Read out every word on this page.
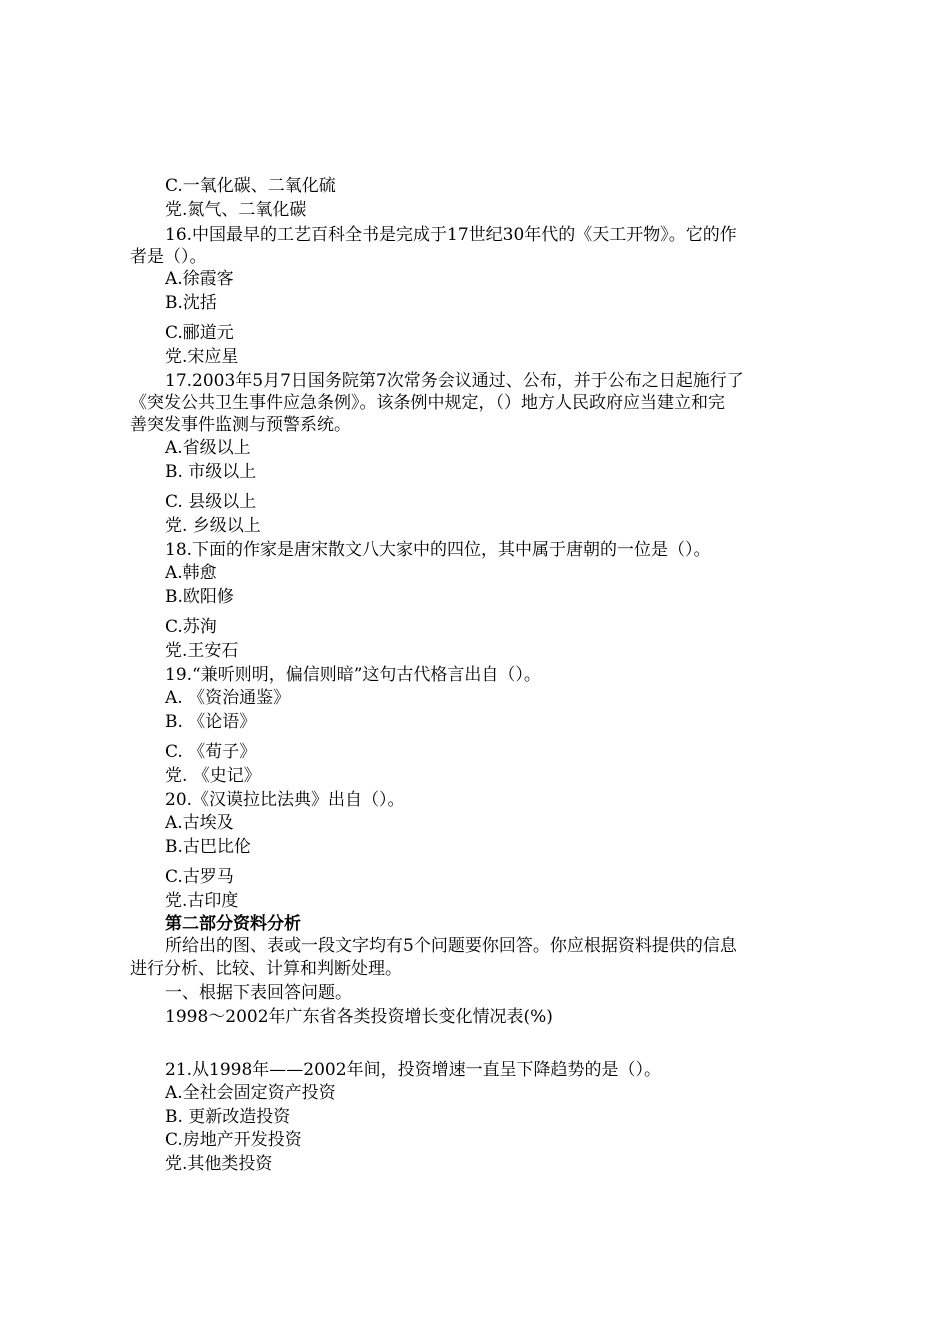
C.一氧化碳、二氧化硫
党.氮气、二氧化碳
16.中国最早的工艺百科全书是完成于17世纪30年代的《天工开物》。它的作
者是（）。
A.徐霞客
B.沈括
C.郦道元
党.宋应星
17.2003年5月7日国务院第7次常务会议通过、公布，并于公布之日起施行了
《突发公共卫生事件应急条例》。该条例中规定，（）地方人民政府应当建立和完
善突发事件监测与预警系统。
A.省级以上
B. 市级以上
C. 县级以上
党. 乡级以上
18.下面的作家是唐宋散文八大家中的四位，其中属于唐朝的一位是（）。
A.韩愈
B.欧阳修
C.苏洵
党.王安石
19.“兼听则明，偏信则暗”这句古代格言出自（）。
A. 《资治通鉴》
B. 《论语》
C. 《荀子》
党. 《史记》
20.《汉谟拉比法典》出自（）。
A.古埃及
B.古巴比伦
C.古罗马
党.古印度
第二部分资料分析
所给出的图、表或一段文字均有5个问题要你回答。你应根据资料提供的信息
进行分析、比较、计算和判断处理。
一、根据下表回答问题。
1998～2002年广东省各类投资增长变化情况表(%)
21.从1998年——2002年间，投资增速一直呈下降趋势的是（）。
A.全社会固定资产投资
B. 更新改造投资
C.房地产开发投资
党.其他类投资
